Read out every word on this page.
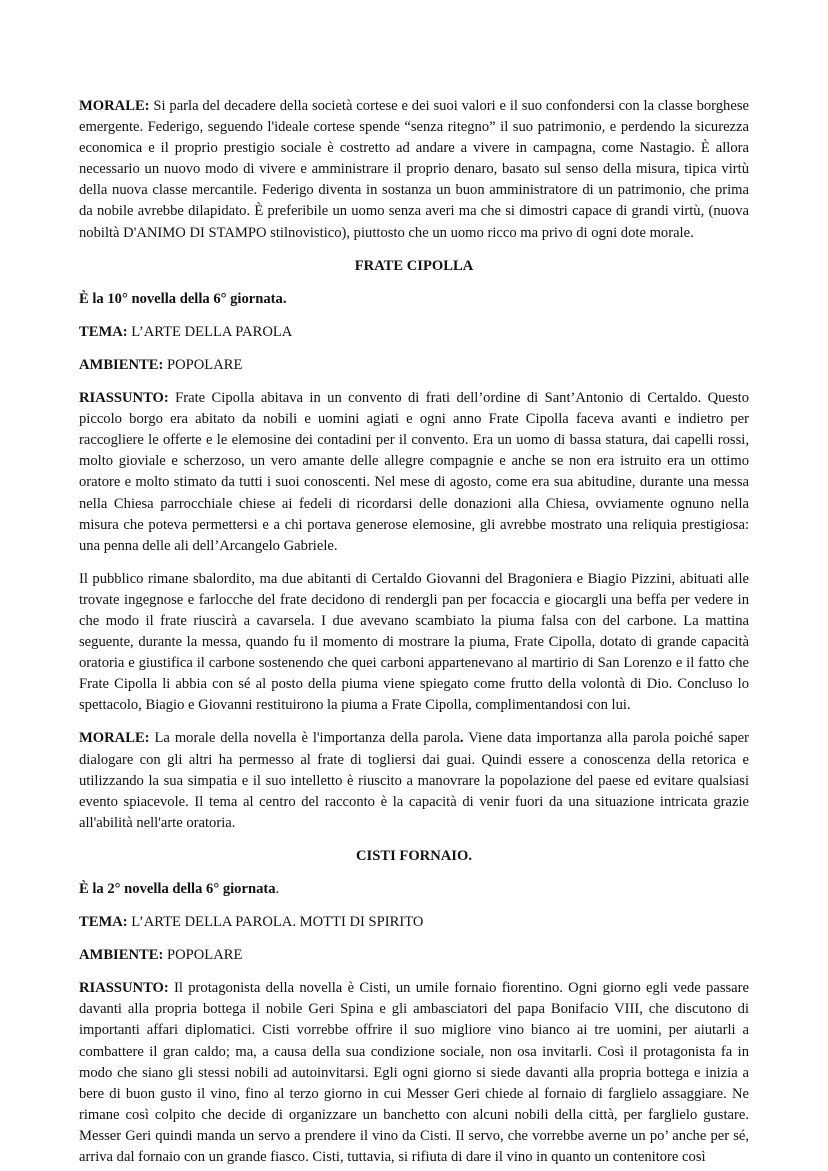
MORALE: Si parla del decadere della società cortese e dei suoi valori e il suo confondersi con la classe borghese emergente. Federigo, seguendo l'ideale cortese spende “senza ritegno” il suo patrimonio, e perdendo la sicurezza economica e il proprio prestigio sociale è costretto ad andare a vivere in campagna, come Nastagio. È allora necessario un nuovo modo di vivere e amministrare il proprio denaro, basato sul senso della misura, tipica virtù della nuova classe mercantile. Federigo diventa in sostanza un buon amministratore di un patrimonio, che prima da nobile avrebbe dilapidato. È preferibile un uomo senza averi ma che si dimostri capace di grandi virtù, (nuova nobiltà D'ANIMO DI STAMPO stilnovistico), piuttosto che un uomo ricco ma privo di ogni dote morale.

FRATE CIPOLLA

È la 10° novella della 6° giornata.

TEMA: L’ARTE DELLA PAROLA

AMBIENTE: POPOLARE

RIASSUNTO: Frate Cipolla abitava in un convento di frati dell’ordine di Sant’Antonio di Certaldo. Questo piccolo borgo era abitato da nobili e uomini agiati e ogni anno Frate Cipolla faceva avanti e indietro per raccogliere le offerte e le elemosine dei contadini per il convento. Era un uomo di bassa statura, dai capelli rossi, molto gioviale e scherzoso, un vero amante delle allegre compagnie e anche se non era istruito era un ottimo oratore e molto stimato da tutti i suoi conoscenti. Nel mese di agosto, come era sua abitudine, durante una messa nella Chiesa parrocchiale chiese ai fedeli di ricordarsi delle donazioni alla Chiesa, ovviamente ognuno nella misura che poteva permettersi e a chi portava generose elemosine, gli avrebbe mostrato una reliquia prestigiosa: una penna delle ali dell’Arcangelo Gabriele.

Il pubblico rimane sbalordito, ma due abitanti di Certaldo Giovanni del Bragoniera e Biagio Pizzini, abituati alle trovate ingegnose e farlocche del frate decidono di rendergli pan per focaccia e giocargli una beffa per vedere in che modo il frate riuscirà a cavarsela. I due avevano scambiato la piuma falsa con del carbone. La mattina seguente, durante la messa, quando fu il momento di mostrare la piuma, Frate Cipolla, dotato di grande capacità oratoria e giustifica il carbone sostenendo che quei carboni appartenevano al martirio di San Lorenzo e il fatto che Frate Cipolla li abbia con sé al posto della piuma viene spiegato come frutto della volontà di Dio. Concluso lo spettacolo, Biagio e Giovanni restituirono la piuma a Frate Cipolla, complimentandosi con lui.

MORALE: La morale della novella è l'importanza della parola. Viene data importanza alla parola poiché saper dialogare con gli altri ha permesso al frate di togliersi dai guai. Quindi essere a conoscenza della retorica e utilizzando la sua simpatia e il suo intelletto è riuscito a manovrare la popolazione del paese ed evitare qualsiasi evento spiacevole. Il tema al centro del racconto è la capacità di venir fuori da una situazione intricata grazie all'abilità nell'arte oratoria.

CISTI FORNAIO.

È la 2° novella della 6° giornata.

TEMA: L’ARTE DELLA PAROLA. MOTTI DI SPIRITO

AMBIENTE: POPOLARE

RIASSUNTO: Il protagonista della novella è Cisti, un umile fornaio fiorentino. Ogni giorno egli vede passare davanti alla propria bottega il nobile Geri Spina e gli ambasciatori del papa Bonifacio VIII, che discutono di importanti affari diplomatici. Cisti vorrebbe offrire il suo migliore vino bianco ai tre uomini, per aiutarli a combattere il gran caldo; ma, a causa della sua condizione sociale, non osa invitarli. Così il protagonista fa in modo che siano gli stessi nobili ad autoinvitarsi. Egli ogni giorno si siede davanti alla propria bottega e inizia a bere di buon gusto il vino, fino al terzo giorno in cui Messer Geri chiede al fornaio di farglielo assaggiare. Ne rimane così colpito che decide di organizzare un banchetto con alcuni nobili della città, per farglielo gustare. Messer Geri quindi manda un servo a prendere il vino da Cisti. Il servo, che vorrebbe averne un po’ anche per sé, arriva dal fornaio con un grande fiasco. Cisti, tuttavia, si rifiuta di dare il vino in quanto un contenitore così
